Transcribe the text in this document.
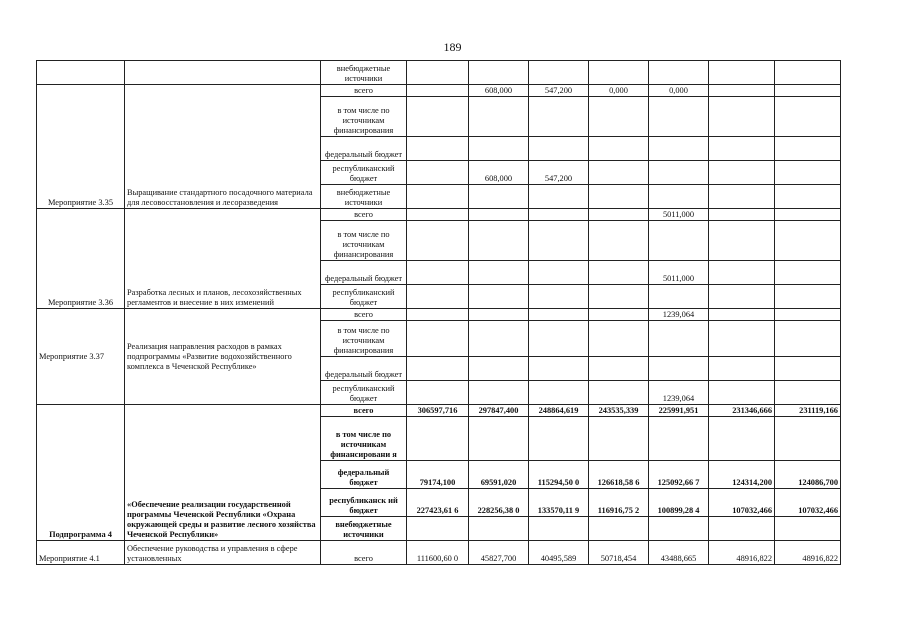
189
		внебюджетные источники							
Мероприятие 3.35	Выращивание стандартного посадочного материала для лесовосстановления и лесоразведения	всего		608,000	547,200	0,000	0,000		
		в том числе по источникам финансирования							
		федеральный бюджет							
		республиканский бюджет		608,000	547,200				
		внебюджетные источники							
Мероприятие 3.36	Разработка лесных и планов, лесохозяйственных регламентов и внесение в них изменений	всего					5011,000		
		в том числе по источникам финансирования							
		федеральный бюджет					5011,000		
		республиканский бюджет							
Мероприятие 3.37	Реализация направления расходов в рамках подпрограммы «Развитие водохозяйственного комплекса в Чеченской Республике»	всего					1239,064		
		в том числе по источникам финансирования							
		федеральный бюджет							
		республиканский бюджет					1239,064		
Подпрограмма 4	«Обеспечение реализации государственной программы Чеченской Республики «Охрана окружающей среды и развитие лесного хозяйства Чеченской Республики»	всего	306597,716	297847,400	248864,619	243535,339	225991,951	231346,666	231119,166
		в том числе по источникам финансировани я							
		федеральный бюджет	79174,100	69591,020	115294,50 0	126618,58 6	125092,66 7	124314,200	124086,700
		республиканск ий бюджет	227423,61 6	228256,38 0	133570,11 9	116916,75 2	100899,28 4	107032,466	107032,466
		внебюджетные источники							
Мероприятие 4.1	Обеспечение руководства и управления в сфере установленных	всего	111600,60 0	45827,700	40495,589	50718,454	43488,665	48916,822	48916,822
